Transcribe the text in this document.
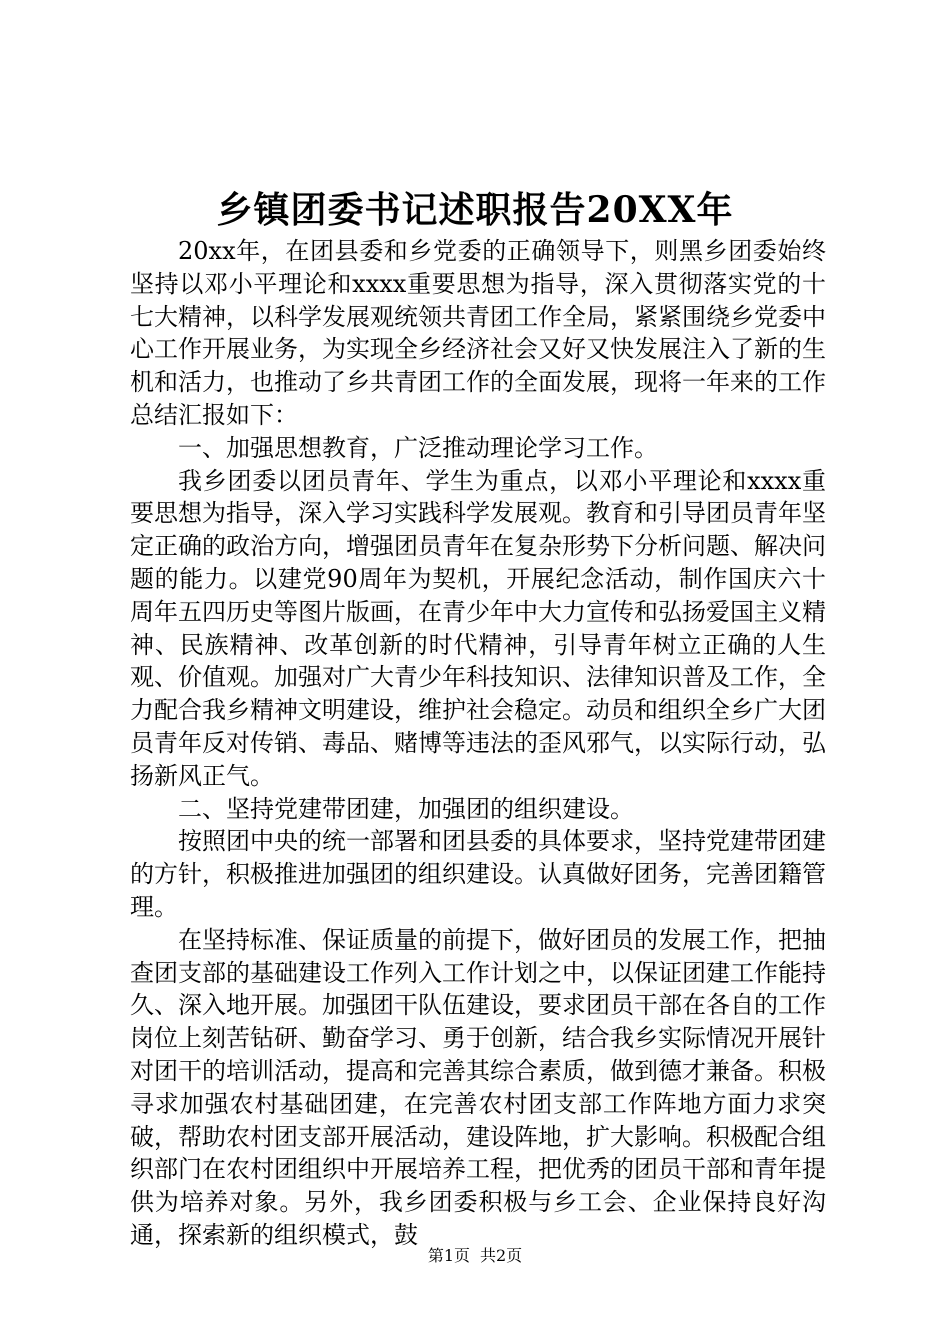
乡镇团委书记述职报告20XX年

20xx年，在团县委和乡党委的正确领导下，则黑乡团委始终坚持以邓小平理论和xxxx重要思想为指导，深入贯彻落实党的十七大精神，以科学发展观统领共青团工作全局，紧紧围绕乡党委中心工作开展业务，为实现全乡经济社会又好又快发展注入了新的生机和活力，也推动了乡共青团工作的全面发展，现将一年来的工作总结汇报如下：

一、加强思想教育，广泛推动理论学习工作。

我乡团委以团员青年、学生为重点，以邓小平理论和xxxx重要思想为指导，深入学习实践科学发展观。教育和引导团员青年坚定正确的政治方向，增强团员青年在复杂形势下分析问题、解决问题的能力。以建党90周年为契机，开展纪念活动，制作国庆六十周年五四历史等图片版画，在青少年中大力宣传和弘扬爱国主义精神、民族精神、改革创新的时代精神，引导青年树立正确的人生观、价值观。加强对广大青少年科技知识、法律知识普及工作，全力配合我乡精神文明建设，维护社会稳定。动员和组织全乡广大团员青年反对传销、毒品、赌博等违法的歪风邪气，以实际行动，弘扬新风正气。

二、坚持党建带团建，加强团的组织建设。

按照团中央的统一部署和团县委的具体要求，坚持党建带团建的方针，积极推进加强团的组织建设。认真做好团务，完善团籍管理。

在坚持标准、保证质量的前提下，做好团员的发展工作，把抽查团支部的基础建设工作列入工作计划之中，以保证团建工作能持久、深入地开展。加强团干队伍建设，要求团员干部在各自的工作岗位上刻苦钻研、勤奋学习、勇于创新，结合我乡实际情况开展针对团干的培训活动，提高和完善其综合素质，做到德才兼备。积极寻求加强农村基础团建，在完善农村团支部工作阵地方面力求突破，帮助农村团支部开展活动，建设阵地，扩大影响。积极配合组织部门在农村团组织中开展培养工程，把优秀的团员干部和青年提供为培养对象。另外，我乡团委积极与乡工会、企业保持良好沟通，探索新的组织模式，鼓

第1页 共2页
